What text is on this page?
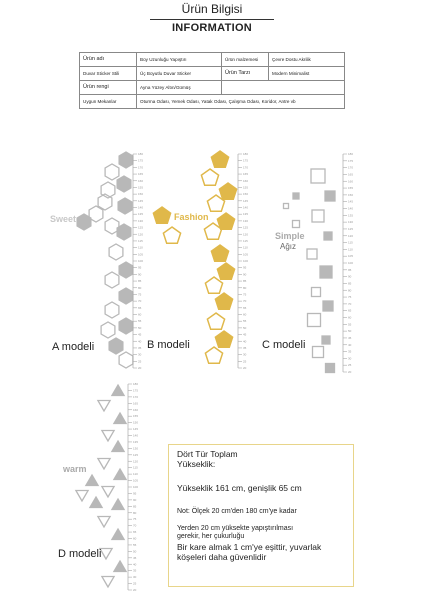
Ürün Bilgisi
INFORMATION
Ürün adı	Boy Uzunluğu Yapıştırı	Ürün malzemesi	Çevre Dostu Akrilik
Duvar Sticker Stili	Üç Boyutlu Duvar Sticker	Ürün Tarzı	Modern Minimalist
Ürün rengi	Ayna Yüzey Altın/Gümüş		
Uygun Mekanlar	Oturma Odası, Yemek Odası, Yatak Odası, Çalışma Odası, Koridor, Antre vb		
180
175
170
165
160
155
150
145
140
135
130
125
120
115
110
105
100
95
90
85
80
75
70
65
60
55
50
45
40
35
30
25
20
180
175
170
165
160
155
150
145
140
135
130
125
120
115
110
105
100
95
90
85
80
75
70
65
60
55
50
45
40
35
30
25
20
180
175
170
165
160
155
150
145
140
135
130
125
120
115
110
105
100
95
90
85
80
75
70
65
60
55
50
45
40
35
30
25
20
180
175
170
165
160
155
150
145
140
135
130
125
120
115
110
105
100
95
90
85
80
75
70
65
60
55
50
45
40
35
30
25
20
Sweet	Fashion
Simple
Ağız
warm
A modeli	B modeli	C modeli
D modeli
Dört Tür Toplam Yükseklik:
Yükseklik 161 cm, genişlik 65 cm
Not: Ölçek 20 cm'den 180 cm'ye kadar
Yerden 20 cm yüksekte yapıştırılması gerekir, her çukurluğu
Bir kare almak 1 cm'ye eşittir, yuvarlak köşeleri daha güvenlidir
